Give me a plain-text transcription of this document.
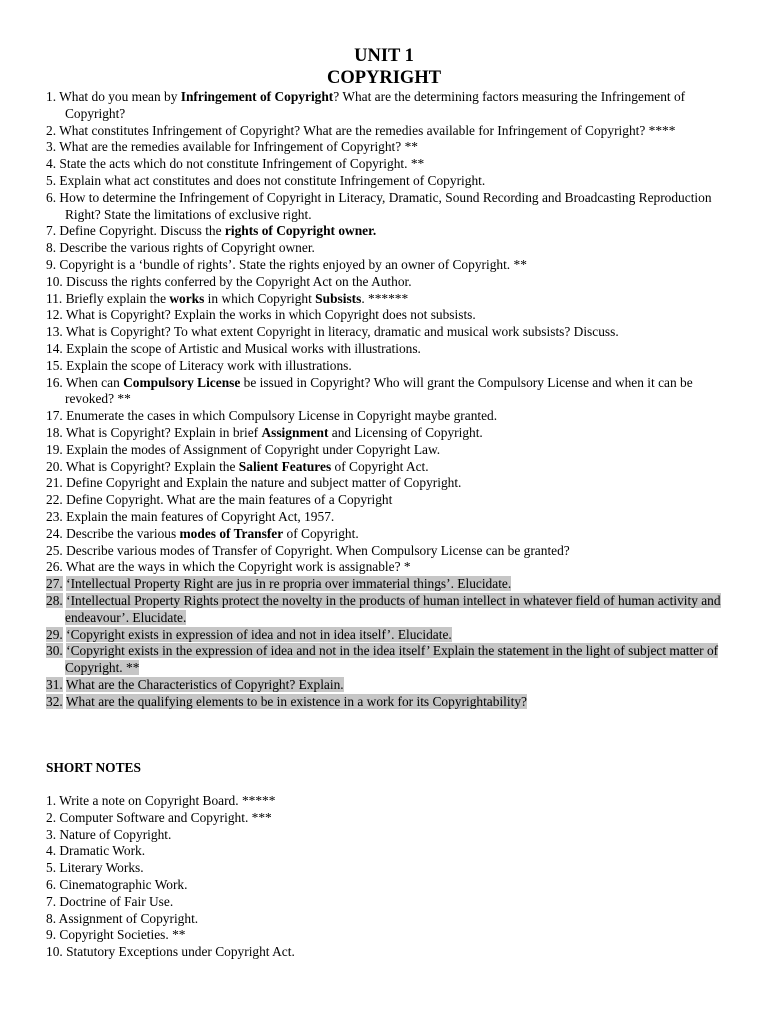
UNIT 1
COPYRIGHT
1. What do you mean by Infringement of Copyright? What are the determining factors measuring the Infringement of Copyright?
2. What constitutes Infringement of Copyright? What are the remedies available for Infringement of Copyright? ****
3. What are the remedies available for Infringement of Copyright? **
4. State the acts which do not constitute Infringement of Copyright. **
5. Explain what act constitutes and does not constitute Infringement of Copyright.
6. How to determine the Infringement of Copyright in Literacy, Dramatic, Sound Recording and Broadcasting Reproduction Right? State the limitations of exclusive right.
7. Define Copyright. Discuss the rights of Copyright owner.
8. Describe the various rights of Copyright owner.
9. Copyright is a ‘bundle of rights’. State the rights enjoyed by an owner of Copyright. **
10. Discuss the rights conferred by the Copyright Act on the Author.
11. Briefly explain the works in which Copyright Subsists. ******
12. What is Copyright? Explain the works in which Copyright does not subsists.
13. What is Copyright? To what extent Copyright in literacy, dramatic and musical work subsists? Discuss.
14. Explain the scope of Artistic and Musical works with illustrations.
15. Explain the scope of Literacy work with illustrations.
16. When can Compulsory License be issued in Copyright? Who will grant the Compulsory License and when it can be revoked? **
17. Enumerate the cases in which Compulsory License in Copyright maybe granted.
18. What is Copyright? Explain in brief Assignment and Licensing of Copyright.
19. Explain the modes of Assignment of Copyright under Copyright Law.
20. What is Copyright? Explain the Salient Features of Copyright Act.
21. Define Copyright and Explain the nature and subject matter of Copyright.
22. Define Copyright. What are the main features of a Copyright
23. Explain the main features of Copyright Act, 1957.
24. Describe the various modes of Transfer of Copyright.
25. Describe various modes of Transfer of Copyright. When Compulsory License can be granted?
26. What are the ways in which the Copyright work is assignable? *
27. ‘Intellectual Property Right are jus in re propria over immaterial things’. Elucidate.
28. ‘Intellectual Property Rights protect the novelty in the products of human intellect in whatever field of human activity and endeavour’. Elucidate.
29. ‘Copyright exists in expression of idea and not in idea itself’. Elucidate.
30. ‘Copyright exists in the expression of idea and not in the idea itself’ Explain the statement in the light of subject matter of Copyright. **
31. What are the Characteristics of Copyright? Explain.
32. What are the qualifying elements to be in existence in a work for its Copyrightability?
SHORT NOTES
1. Write a note on Copyright Board. *****
2. Computer Software and Copyright. ***
3. Nature of Copyright.
4. Dramatic Work.
5. Literary Works.
6. Cinematographic Work.
7. Doctrine of Fair Use.
8. Assignment of Copyright.
9. Copyright Societies. **
10. Statutory Exceptions under Copyright Act.
